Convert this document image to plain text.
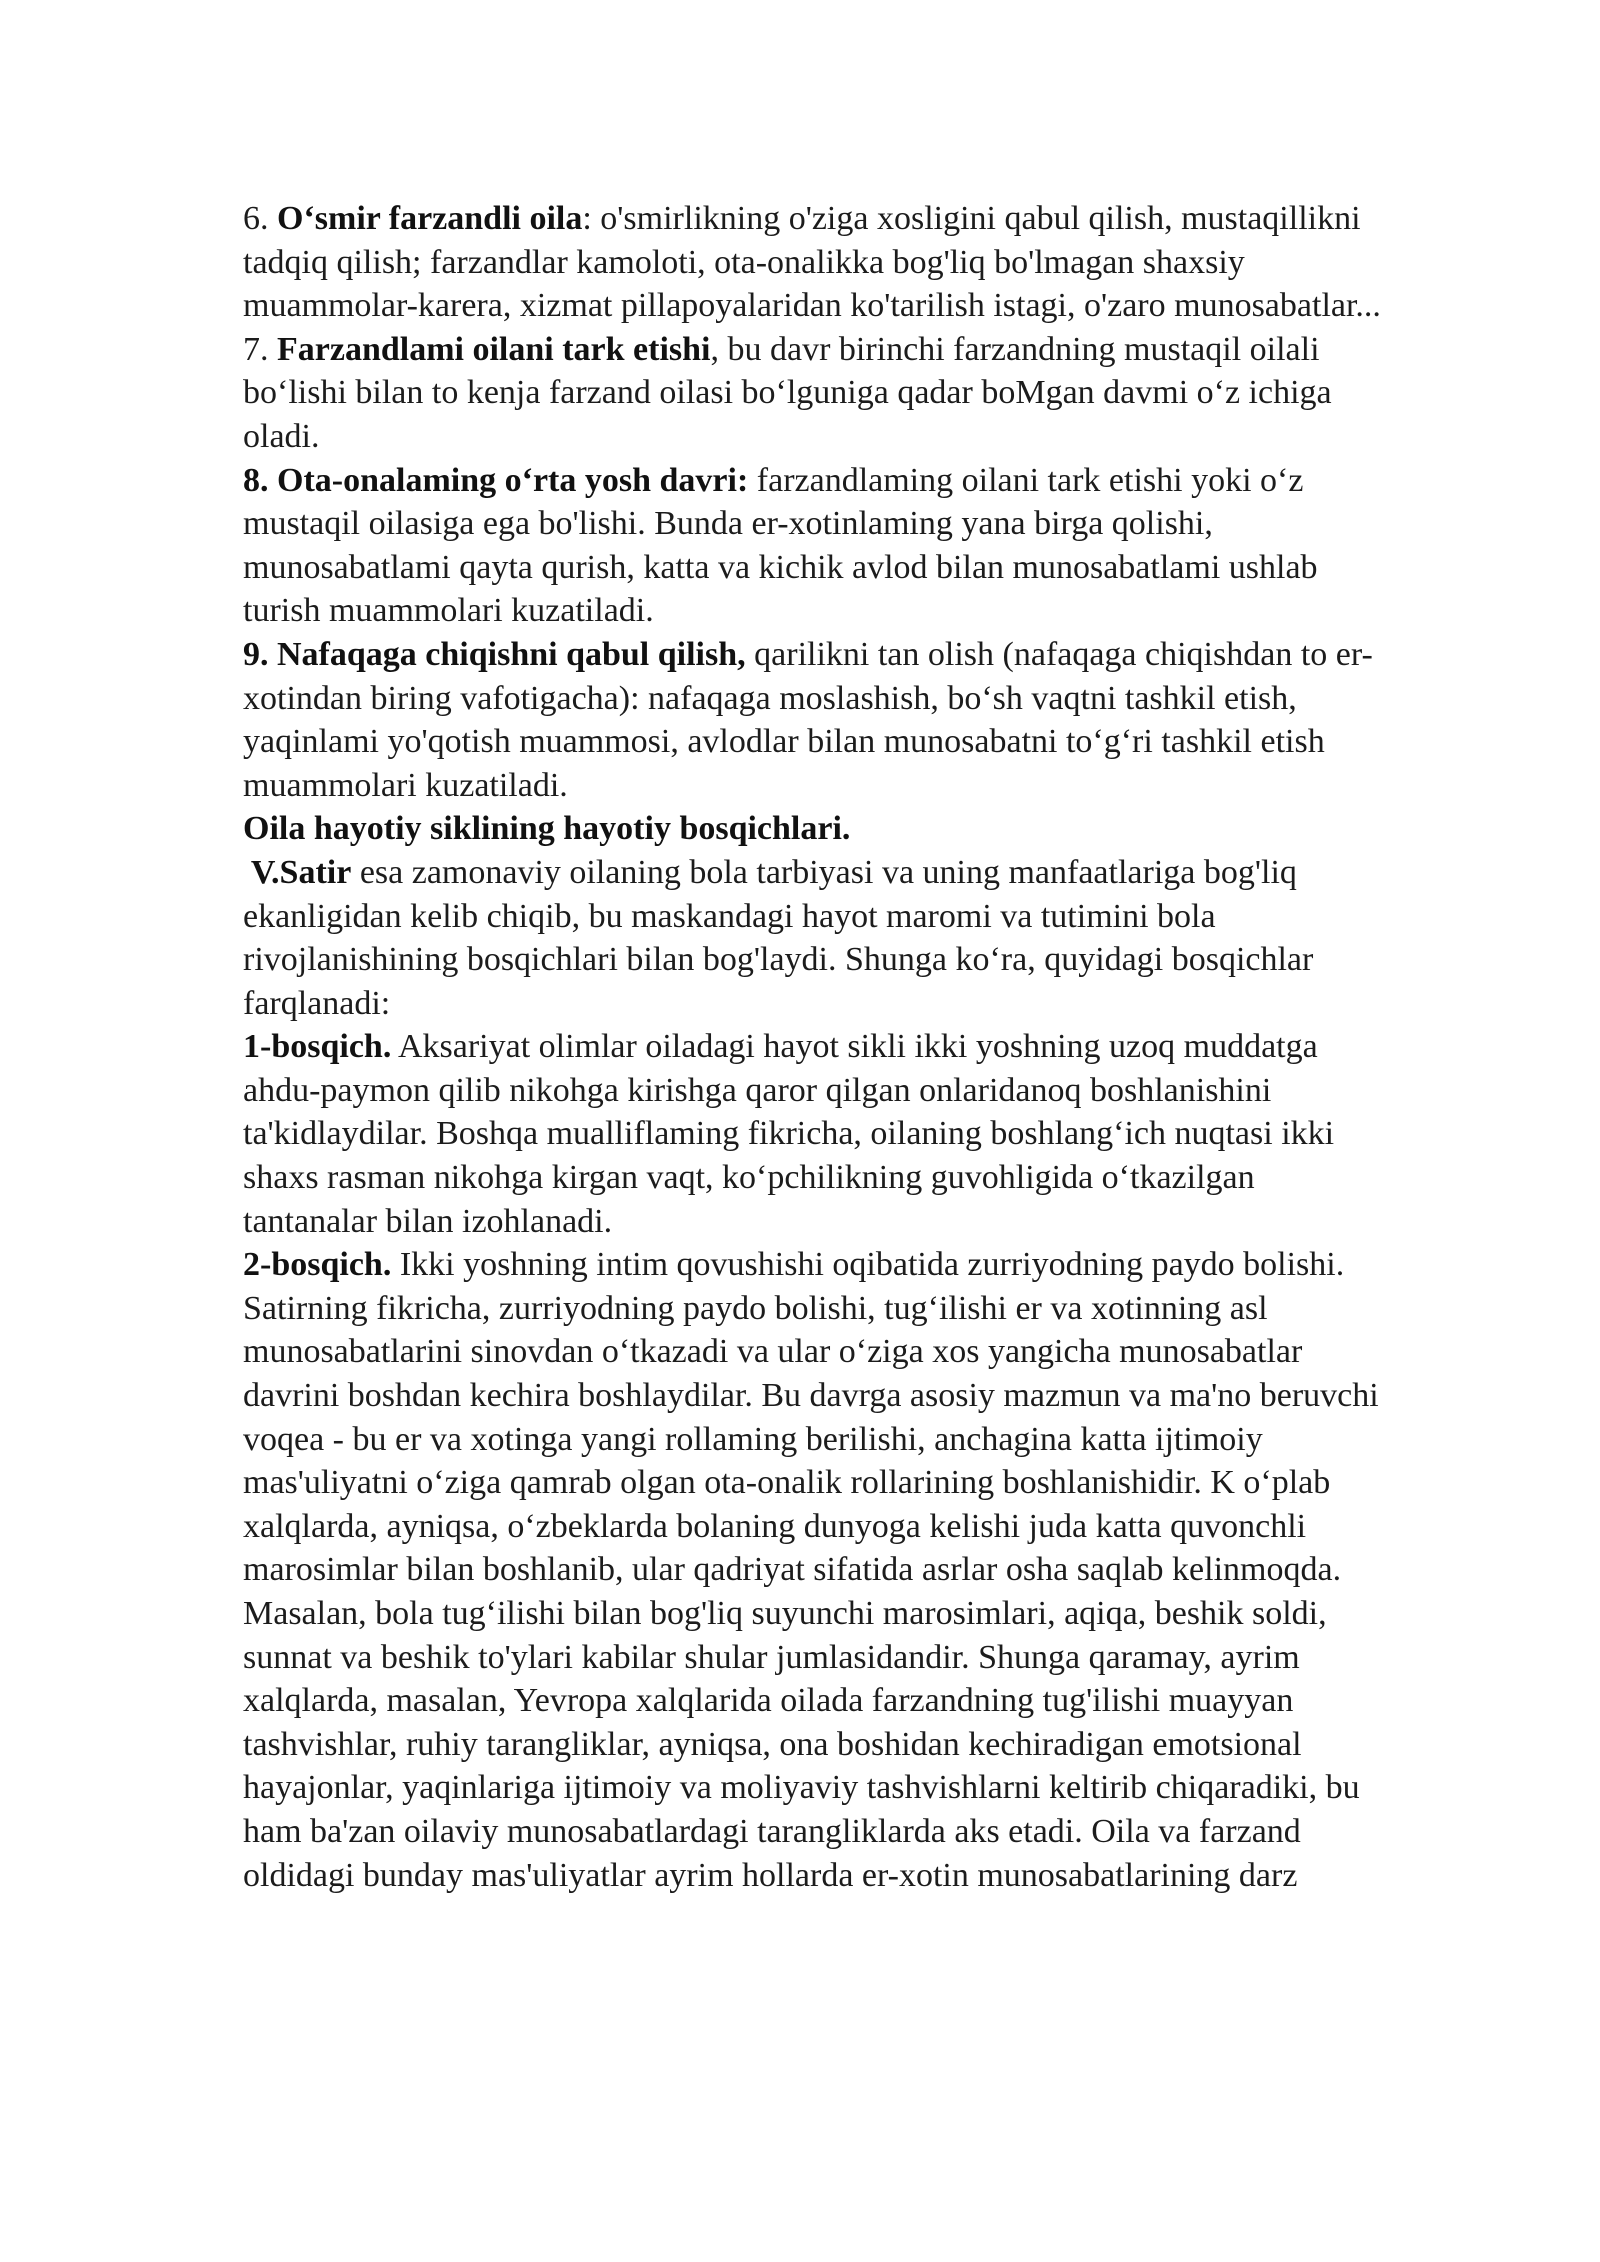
6. O‘smir farzandli oila: o'smirlikning o'ziga xosligini qabul qilish, mustaqillikni tadqiq qilish; farzandlar kamoloti, ota-onalikka bog'liq bo'lmagan shaxsiy muammolar-karera, xizmat pillapoyalaridan ko'tarilish istagi, o'zaro munosabatlar...

7. Farzandlami oilani tark etishi, bu davr birinchi farzandning mustaqil oilali bo‘lishi bilan to kenja farzand oilasi bo‘lguniga qadar boMgan davmi o‘z ichiga oladi.

8. Ota-onalaming o‘rta yosh davri: farzandlaming oilani tark etishi yoki o‘z mustaqil oilasiga ega bo'lishi. Bunda er-xotinlaming yana birga qolishi, munosabatlami qayta qurish, katta va kichik avlod bilan munosabatlami ushlab turish muammolari kuzatiladi.

9. Nafaqaga chiqishni qabul qilish, qarilikni tan olish (nafaqaga chiqishdan to er-xotindan biring vafotigacha): nafaqaga moslashish, bo‘sh vaqtni tashkil etish, yaqinlami yo'qotish muammosi, avlodlar bilan munosabatni to‘g‘ri tashkil etish muammolari kuzatiladi.

Oila hayotiy siklining hayotiy bosqichlari.

V.Satir esa zamonaviy oilaning bola tarbiyasi va uning manfaatlariga bog'liq ekanligidan kelib chiqib, bu maskandagi hayot maromi va tutimini bola rivojlanishining bosqichlari bilan bog'laydi. Shunga ko‘ra, quyidagi bosqichlar farqlanadi:

1-bosqich. Aksariyat olimlar oiladagi hayot sikli ikki yoshning uzoq muddatga ahdu-paymon qilib nikohga kirishga qaror qilgan onlaridanoq boshlanishini ta'kidlaydilar. Boshqa mualliflaming fikricha, oilaning boshlang‘ich nuqtasi ikki shaxs rasman nikohga kirgan vaqt, ko‘pchilikning guvohligida o‘tkazilgan tantanalar bilan izohlanadi.

2-bosqich. Ikki yoshning intim qovushishi oqibatida zurriyodning paydo bolishi. Satirning fikricha, zurriyodning paydo bolishi, tug‘ilishi er va xotinning asl munosabatlarini sinovdan o‘tkazadi va ular o‘ziga xos yangicha munosabatlar davrini boshdan kechira boshlaydilar. Bu davrga asosiy mazmun va ma'no beruvchi voqea - bu er va xotinga yangi rollaming berilishi, anchagina katta ijtimoiy mas'uliyatni o‘ziga qamrab olgan ota-onalik rollarining boshlanishidir. K o‘plab xalqlarda, ayniqsa, o‘zbeklarda bolaning dunyoga kelishi juda katta quvonchli marosimlar bilan boshlanib, ular qadriyat sifatida asrlar osha saqlab kelinmoqda. Masalan, bola tug‘ilishi bilan bog'liq suyunchi marosimlari, aqiqa, beshik soldi, sunnat va beshik to'ylari kabilar shular jumlasidandir. Shunga qaramay, ayrim xalqlarda, masalan, Yevropa xalqlarida oilada farzandning tug'ilishi muayyan tashvishlar, ruhiy tarangliklar, ayniqsa, ona boshidan kechiradigan emotsional hayajonlar, yaqinlariga ijtimoiy va moliyaviy tashvishlarni keltirib chiqaradiki, bu ham ba'zan oilaviy munosabatlardagi tarangliklarda aks etadi. Oila va farzand oldidagi bunday mas'uliyatlar ayrim hollarda er-xotin munosabatlarining darz
